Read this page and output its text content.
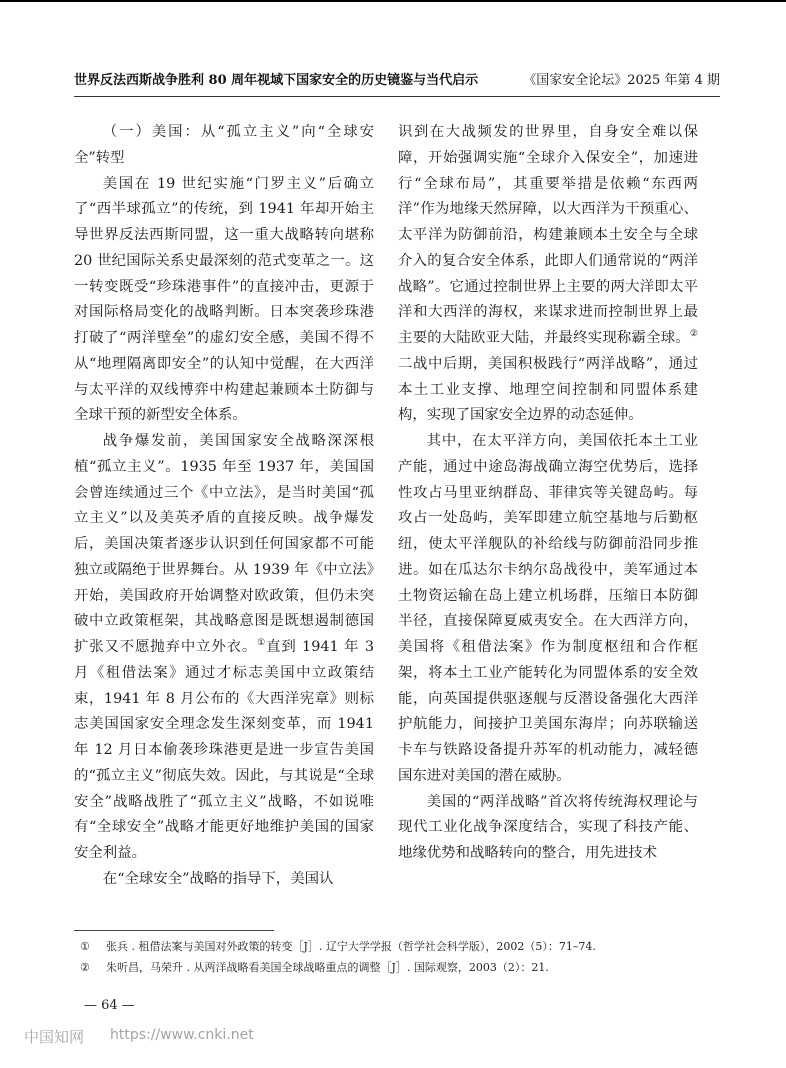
世界反法西斯战争胜利 80 周年视域下国家安全的历史镜鉴与当代启示	《国家安全论坛》2025 年第 4 期

（一）美国：从“孤立主义”向“全球安全”转型

美国在 19 世纪实施“门罗主义”后确立了“西半球孤立”的传统，到 1941 年却开始主导世界反法西斯同盟，这一重大战略转向堪称 20 世纪国际关系史最深刻的范式变革之一。这一转变既受“珍珠港事件”的直接冲击，更源于对国际格局变化的战略判断。日本突袭珍珠港打破了“两洋壁垒”的虚幻安全感，美国不得不从“地理隔离即安全”的认知中觉醒，在大西洋与太平洋的双线博弈中构建起兼顾本土防御与全球干预的新型安全体系。

战争爆发前，美国国家安全战略深深根植“孤立主义”。1935 年至 1937 年，美国国会曾连续通过三个《中立法》，是当时美国“孤立主义”以及美英矛盾的直接反映。战争爆发后，美国决策者逐步认识到任何国家都不可能独立或隔绝于世界舞台。从 1939 年《中立法》开始，美国政府开始调整对欧政策，但仍未突破中立政策框架，其战略意图是既想遏制德国扩张又不愿抛弃中立外衣。①直到 1941 年 3 月《租借法案》通过才标志美国中立政策结束，1941 年 8 月公布的《大西洋宪章》则标志美国国家安全理念发生深刻变革，而 1941 年 12 月日本偷袭珍珠港更是进一步宣告美国的“孤立主义”彻底失效。因此，与其说是“全球安全”战略战胜了“孤立主义”战略，不如说唯有“全球安全”战略才能更好地维护美国的国家安全利益。

在“全球安全”战略的指导下，美国认

识到在大战频发的世界里，自身安全难以保障，开始强调实施“全球介入保安全”，加速进行“全球布局”，其重要举措是依赖“东西两洋”作为地缘天然屏障，以大西洋为干预重心、太平洋为防御前沿，构建兼顾本土安全与全球介入的复合安全体系，此即人们通常说的“两洋战略”。它通过控制世界上主要的两大洋即太平洋和大西洋的海权，来谋求进而控制世界上最主要的大陆欧亚大陆，并最终实现称霸全球。②二战中后期，美国积极践行“两洋战略”，通过本土工业支撑、地理空间控制和同盟体系建构，实现了国家安全边界的动态延伸。

其中，在太平洋方向，美国依托本土工业产能，通过中途岛海战确立海空优势后，选择性攻占马里亚纳群岛、菲律宾等关键岛屿。每攻占一处岛屿，美军即建立航空基地与后勤枢纽，使太平洋舰队的补给线与防御前沿同步推进。如在瓜达尔卡纳尔岛战役中，美军通过本土物资运输在岛上建立机场群，压缩日本防御半径，直接保障夏威夷安全。在大西洋方向，美国将《租借法案》作为制度枢纽和合作框架，将本土工业产能转化为同盟体系的安全效能，向英国提供驱逐舰与反潜设备强化大西洋护航能力，间接护卫美国东海岸；向苏联输送卡车与铁路设备提升苏军的机动能力，减轻德国东进对美国的潜在威胁。

美国的“两洋战略”首次将传统海权理论与现代工业化战争深度结合，实现了科技产能、地缘优势和战略转向的整合，用先进技术

① 张兵 . 租借法案与美国对外政策的转变［J］. 辽宁大学学报（哲学社会科学版），2002（5）：71–74.
② 朱听昌，马荣升 . 从两洋战略看美国全球战略重点的调整［J］. 国际观察，2003（2）：21.
— 64 —
中国知网 https://www.cnki.net
